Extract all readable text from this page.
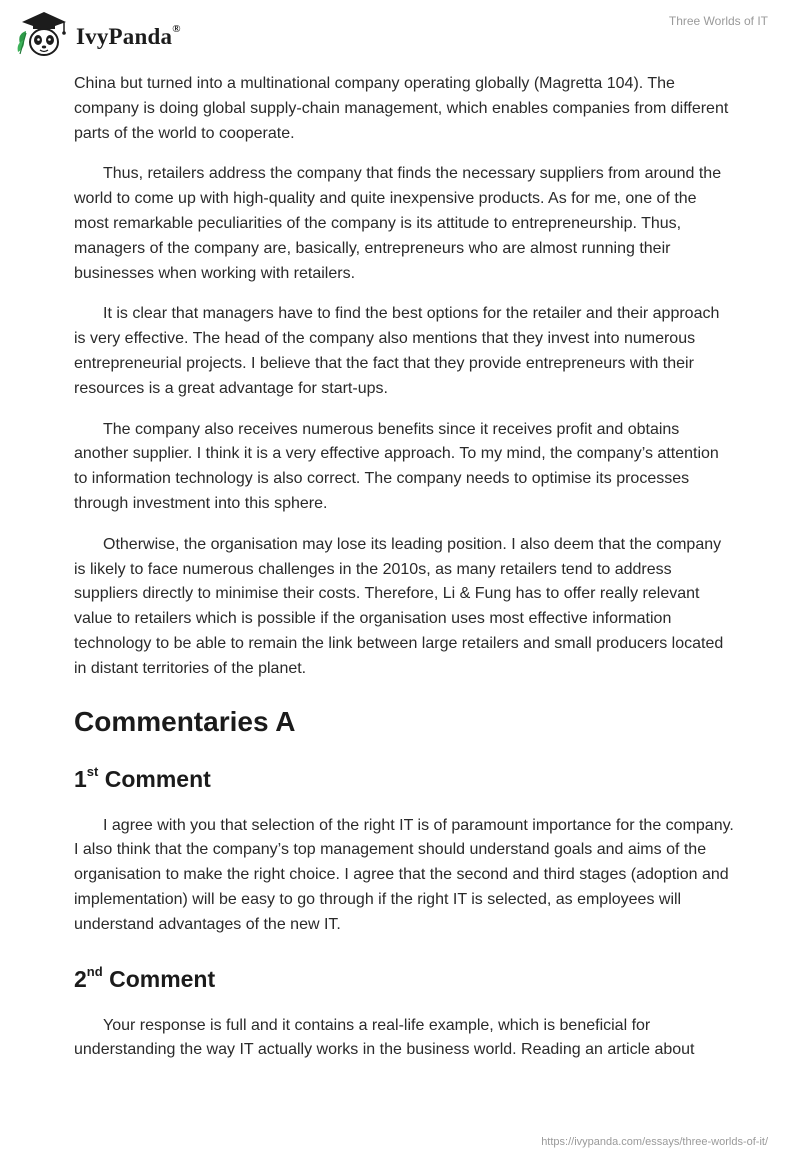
IvyPanda®
Three Worlds of IT

China but turned into a multinational company operating globally (Magretta 104). The company is doing global supply-chain management, which enables companies from different parts of the world to cooperate.

Thus, retailers address the company that finds the necessary suppliers from around the world to come up with high-quality and quite inexpensive products. As for me, one of the most remarkable peculiarities of the company is its attitude to entrepreneurship. Thus, managers of the company are, basically, entrepreneurs who are almost running their businesses when working with retailers.

It is clear that managers have to find the best options for the retailer and their approach is very effective. The head of the company also mentions that they invest into numerous entrepreneurial projects. I believe that the fact that they provide entrepreneurs with their resources is a great advantage for start-ups.

The company also receives numerous benefits since it receives profit and obtains another supplier. I think it is a very effective approach. To my mind, the company’s attention to information technology is also correct. The company needs to optimise its processes through investment into this sphere.

Otherwise, the organisation may lose its leading position. I also deem that the company is likely to face numerous challenges in the 2010s, as many retailers tend to address suppliers directly to minimise their costs. Therefore, Li & Fung has to offer really relevant value to retailers which is possible if the organisation uses most effective information technology to be able to remain the link between large retailers and small producers located in distant territories of the planet.

Commentaries A
1st Comment

I agree with you that selection of the right IT is of paramount importance for the company. I also think that the company’s top management should understand goals and aims of the organisation to make the right choice. I agree that the second and third stages (adoption and implementation) will be easy to go through if the right IT is selected, as employees will understand advantages of the new IT.

2nd Comment

Your response is full and it contains a real-life example, which is beneficial for understanding the way IT actually works in the business world. Reading an article about

https://ivypanda.com/essays/three-worlds-of-it/
